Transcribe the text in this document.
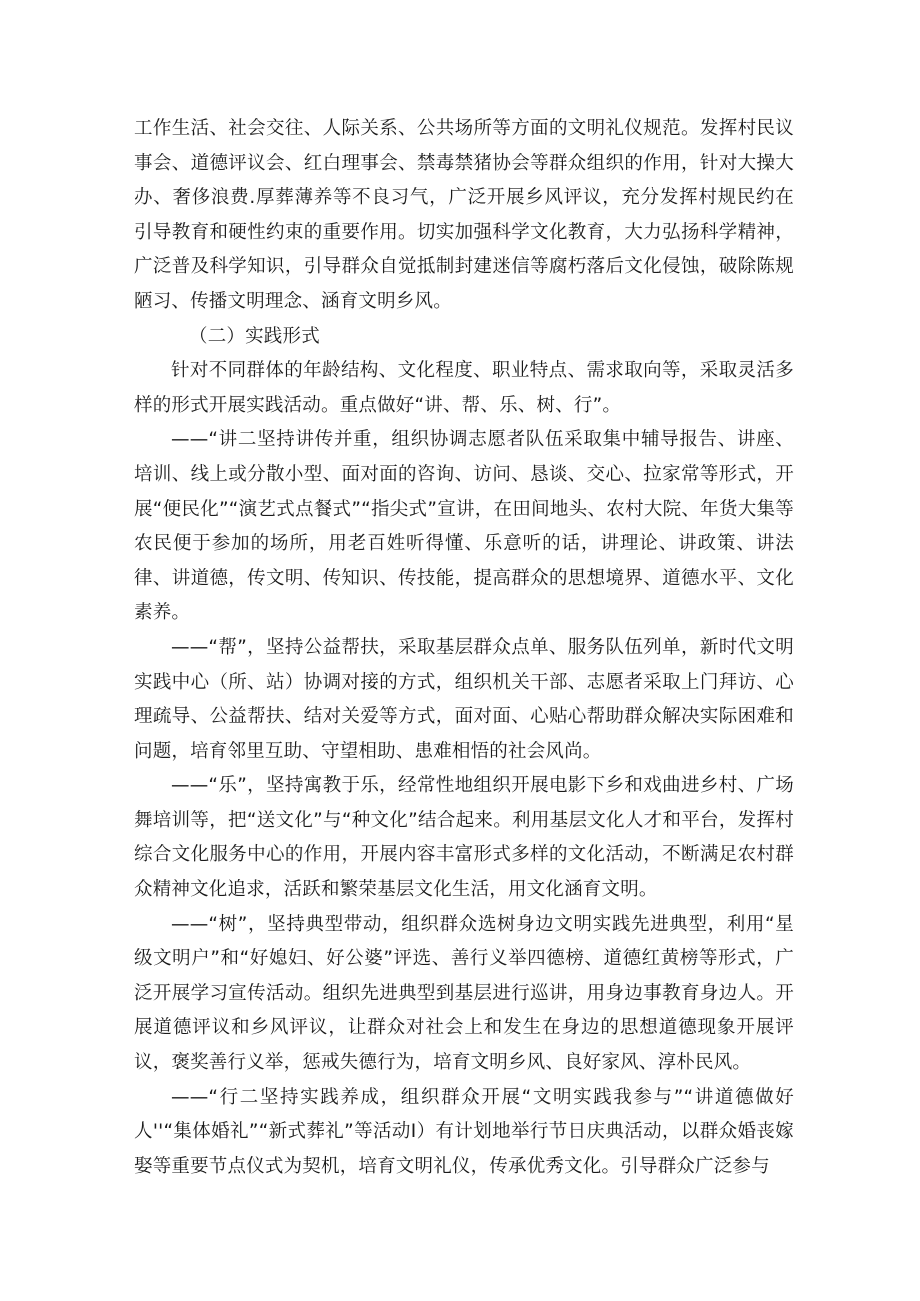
工作生活、社会交往、人际关系、公共场所等方面的文明礼仪规范。发挥村民议事会、道德评议会、红白理事会、禁毒禁猪协会等群众组织的作用，针对大操大办、奢侈浪费.厚葬薄养等不良习气，广泛开展乡风评议，充分发挥村规民约在引导教育和硬性约束的重要作用。切实加强科学文化教育，大力弘扬科学精神，广泛普及科学知识，引导群众自觉抵制封建迷信等腐朽落后文化侵蚀，破除陈规陋习、传播文明理念、涵育文明乡风。

（二）实践形式

针对不同群体的年龄结构、文化程度、职业特点、需求取向等，采取灵活多样的形式开展实践活动。重点做好“讲、帮、乐、树、行”。

——“讲二坚持讲传并重，组织协调志愿者队伍采取集中辅导报告、讲座、培训、线上或分散小型、面对面的咨询、访问、恳谈、交心、拉家常等形式，开展“便民化”“演艺式点餐式”“指尖式”宣讲，在田间地头、农村大院、年货大集等农民便于参加的场所，用老百姓听得懂、乐意听的话，讲理论、讲政策、讲法律、讲道德，传文明、传知识、传技能，提高群众的思想境界、道德水平、文化素养。

——“帮”，坚持公益帮扶，采取基层群众点单、服务队伍列单，新时代文明实践中心（所、站）协调对接的方式，组织机关干部、志愿者采取上门拜访、心理疏导、公益帮扶、结对关爱等方式，面对面、心贴心帮助群众解决实际困难和问题，培育邻里互助、守望相助、患难相悟的社会风尚。

——“乐”，坚持寓教于乐，经常性地组织开展电影下乡和戏曲进乡村、广场舞培训等，把“送文化”与“种文化”结合起来。利用基层文化人才和平台，发挥村综合文化服务中心的作用，开展内容丰富形式多样的文化活动，不断满足农村群众精神文化追求，活跃和繁荣基层文化生活，用文化涵育文明。

——“树”，坚持典型带动，组织群众选树身边文明实践先进典型，利用“星级文明户”和“好媳妇、好公婆”评选、善行义举四德榜、道德红黄榜等形式，广泛开展学习宣传活动。组织先进典型到基层进行巡讲，用身边事教育身边人。开展道德评议和乡风评议，让群众对社会上和发生在身边的思想道德现象开展评议，褒奖善行义举，惩戒失德行为，培育文明乡风、良好家风、淳朴民风。

——“行二坚持实践养成，组织群众开展“文明实践我参与”“讲道德做好人''“集体婚礼”“新式葬礼”等活动I）有计划地举行节日庆典活动，以群众婚丧嫁娶等重要节点仪式为契机，培育文明礼仪，传承优秀文化。引导群众广泛参与
